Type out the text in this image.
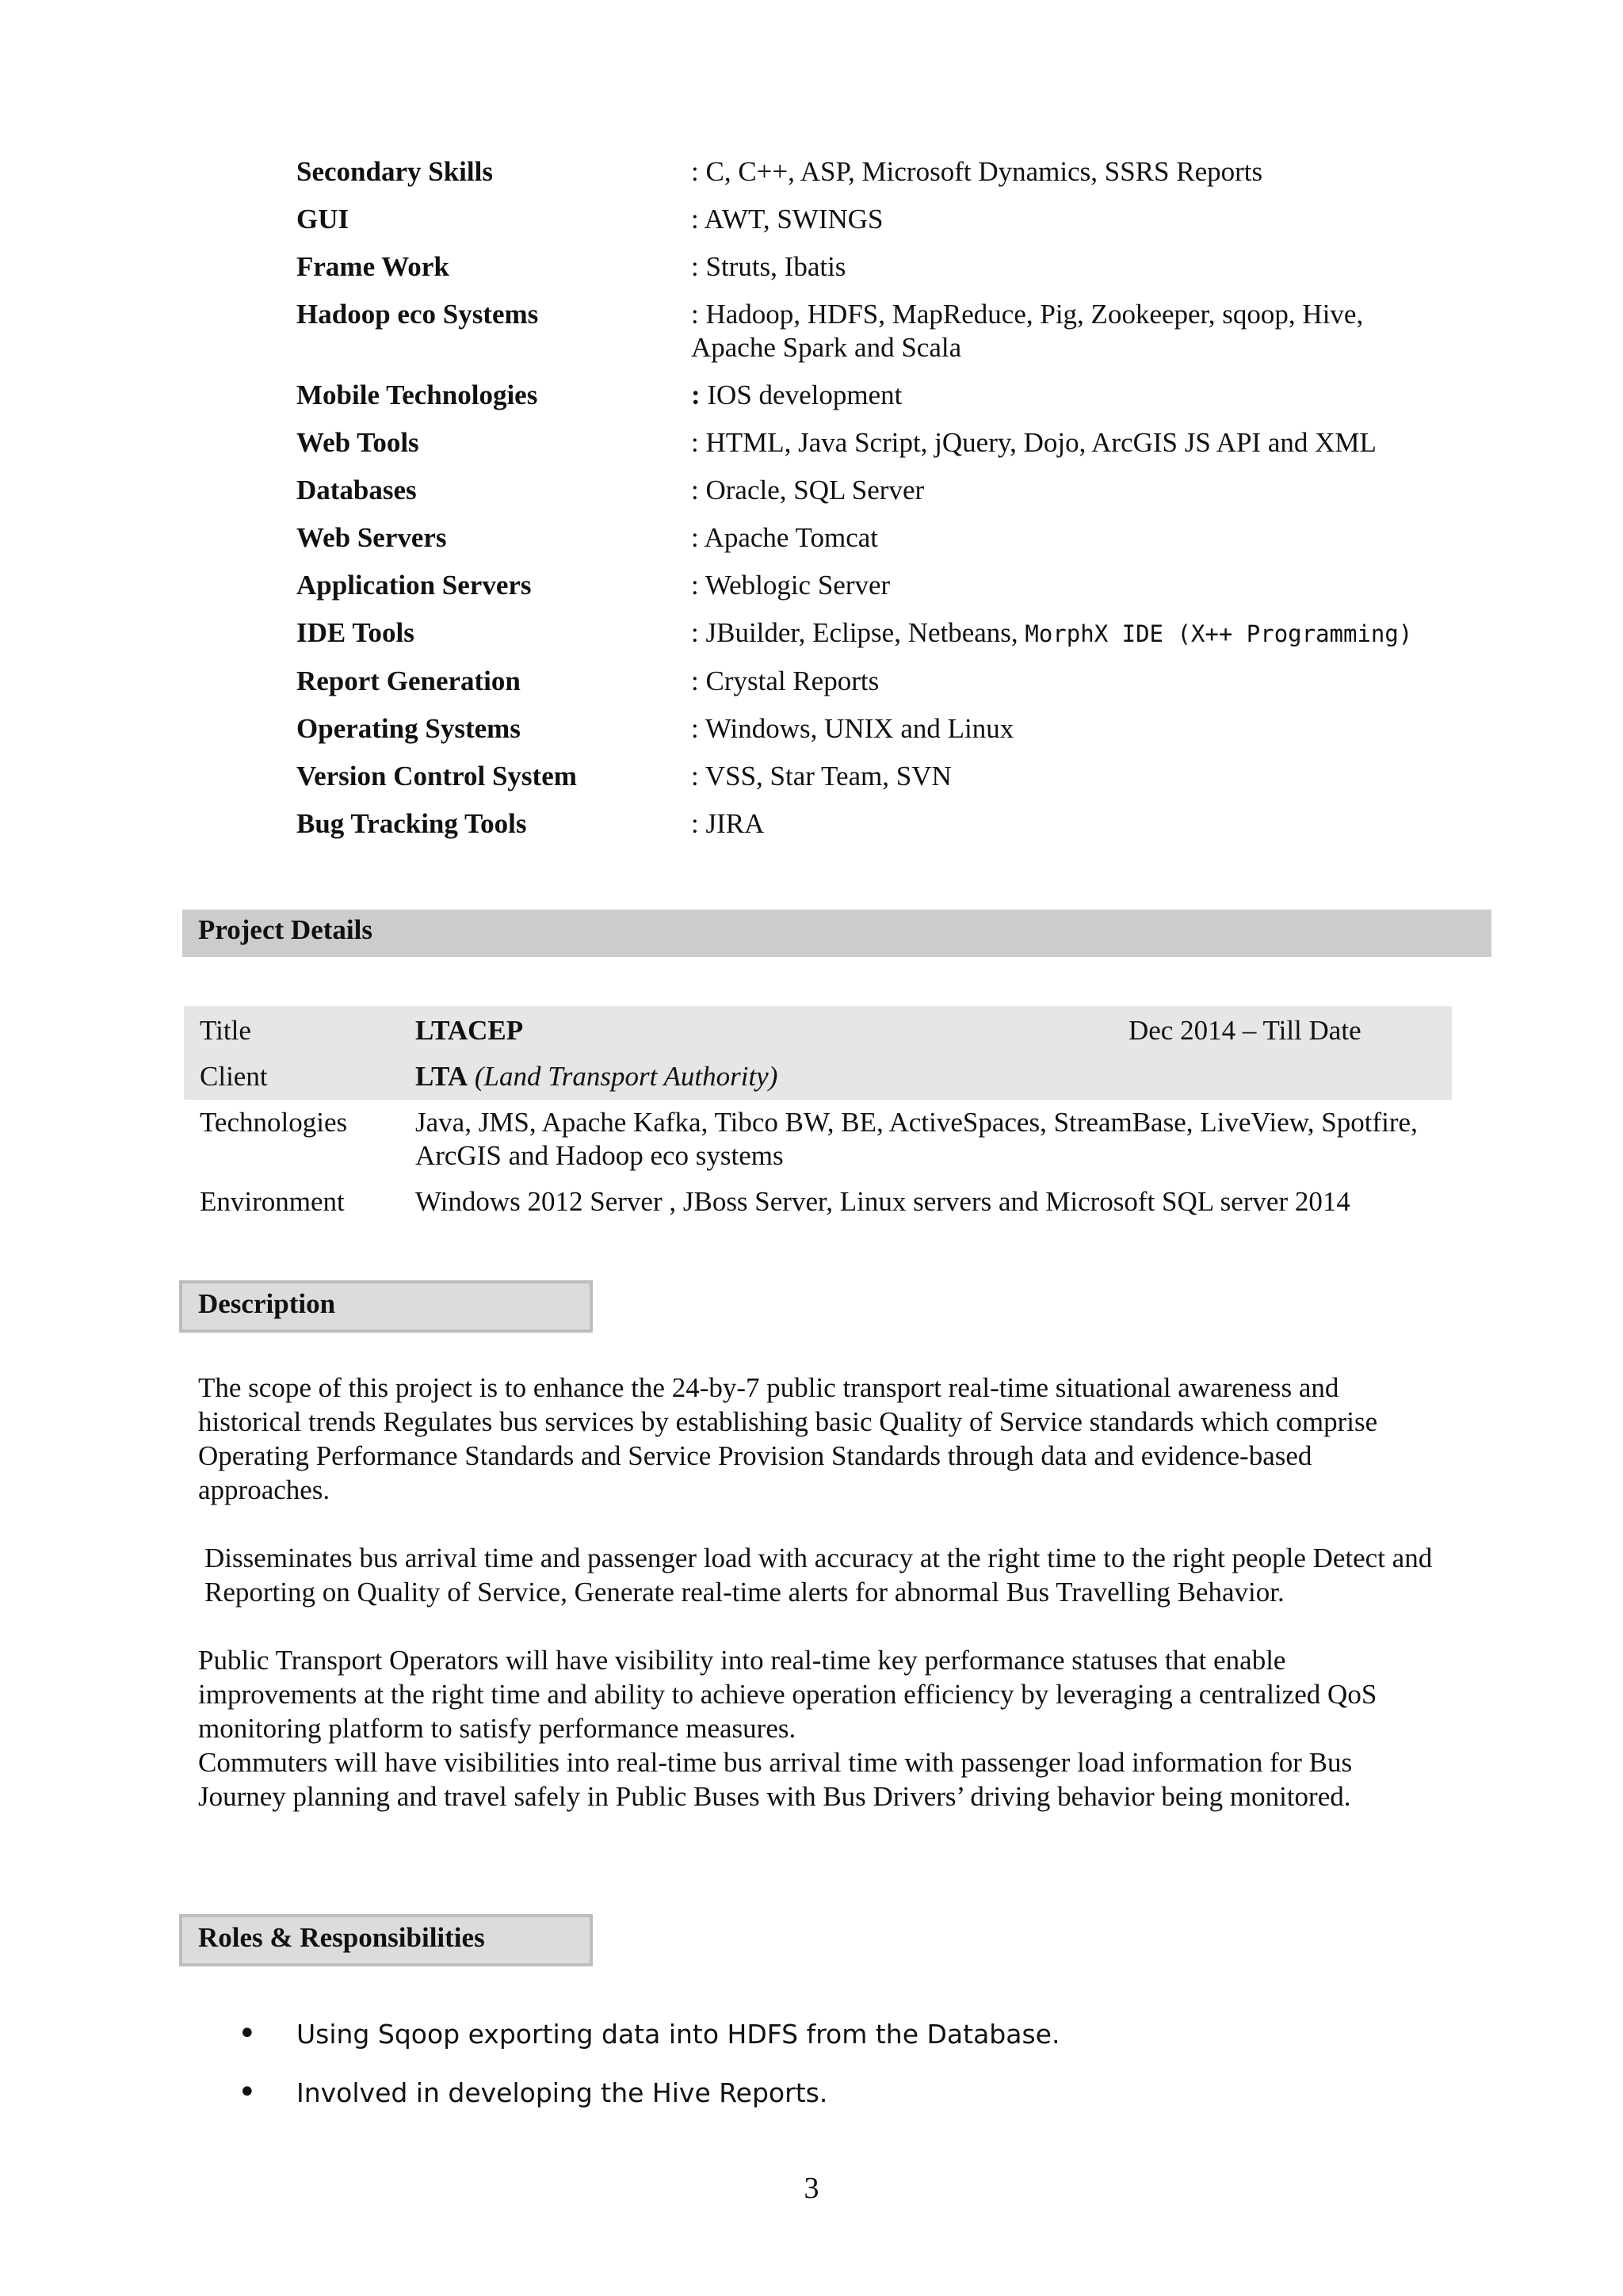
Secondary Skills	: C, C++, ASP, Microsoft Dynamics, SSRS Reports
GUI	: AWT, SWINGS
Frame Work	: Struts, Ibatis
Hadoop eco Systems	: Hadoop, HDFS, MapReduce, Pig, Zookeeper, sqoop, Hive, Apache Spark and Scala
Mobile Technologies	: IOS development
Web Tools	: HTML, Java Script, jQuery, Dojo, ArcGIS JS API and XML
Databases	: Oracle, SQL Server
Web Servers	: Apache Tomcat
Application Servers	: Weblogic Server
IDE Tools	: JBuilder, Eclipse, Netbeans, MorphX IDE (X++ Programming)
Report Generation	: Crystal Reports
Operating Systems	: Windows, UNIX and Linux
Version Control System	: VSS, Star Team, SVN
Bug Tracking Tools	: JIRA
Project Details
Title	LTACEP	Dec 2014 – Till Date
Client	LTA (Land Transport Authority)
Technologies	Java, JMS, Apache Kafka, Tibco BW, BE, ActiveSpaces, StreamBase, LiveView, Spotfire, ArcGIS and Hadoop eco systems
Environment	Windows 2012 Server , JBoss Server, Linux servers and Microsoft SQL server 2014
Description

The scope of this project is to enhance the 24-by-7 public transport real-time situational awareness and historical trends Regulates bus services by establishing basic Quality of Service standards which comprise Operating Performance Standards and Service Provision Standards through data and evidence-based approaches.

Disseminates bus arrival time and passenger load with accuracy at the right time to the right people Detect and Reporting on Quality of Service, Generate real-time alerts for abnormal Bus Travelling Behavior.

Public Transport Operators will have visibility into real-time key performance statuses that enable improvements at the right time and ability to achieve operation efficiency by leveraging a centralized QoS monitoring platform to satisfy performance measures.

Commuters will have visibilities into real-time bus arrival time with passenger load information for Bus Journey planning and travel safely in Public Buses with Bus Drivers’ driving behavior being monitored.

Roles & Responsibilities
•	Using Sqoop exporting data into HDFS from the Database.
•	Involved in developing the Hive Reports.
3
